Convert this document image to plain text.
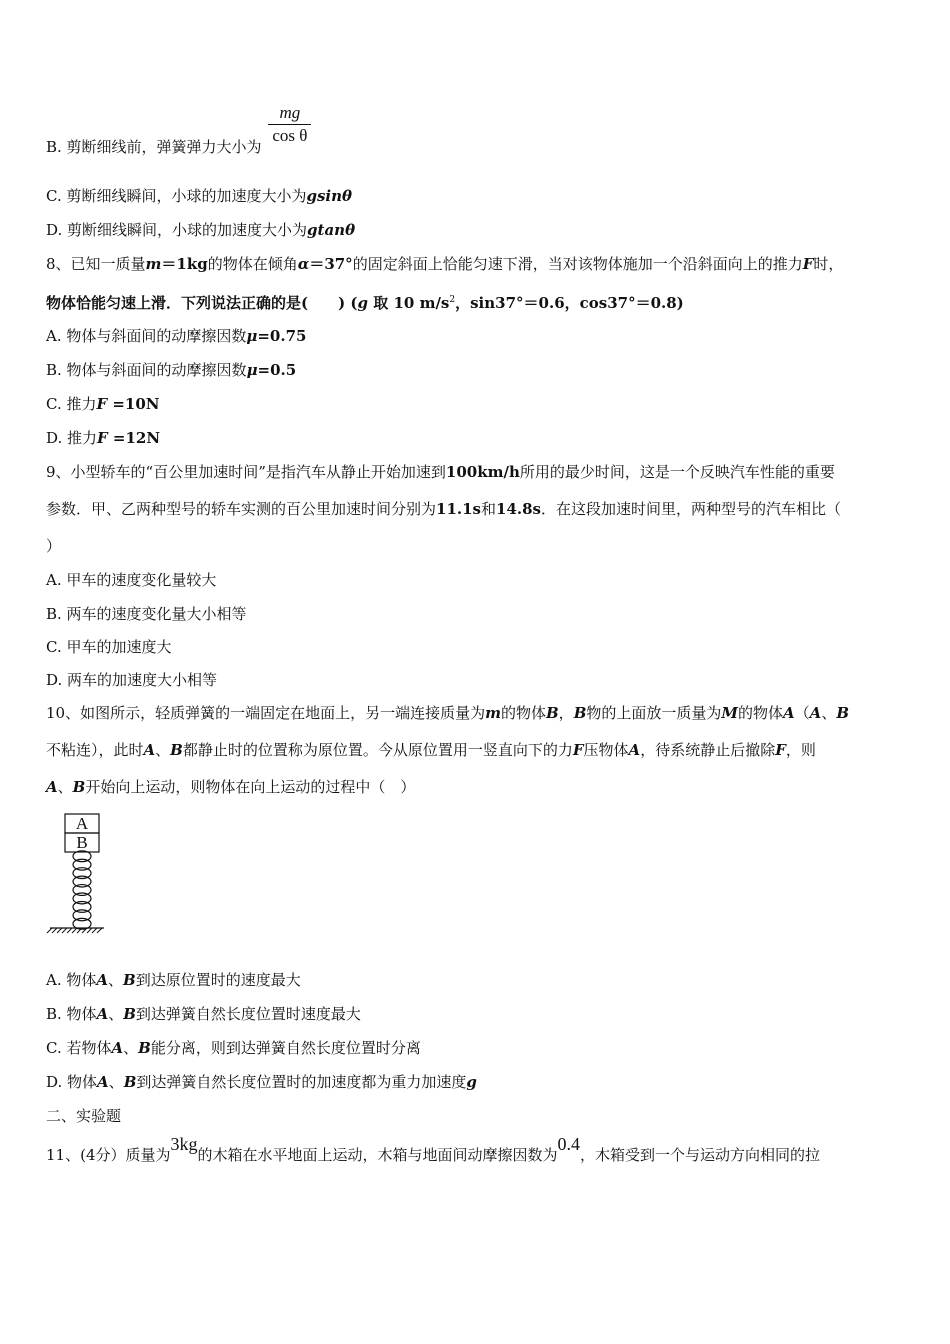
B. 剪断细线前，弹簧弹力大小为 $\frac{mg}{\text{cos θ}}$
C. 剪断细线瞬间，小球的加速度大小为gsinθ
D. 剪断细线瞬间，小球的加速度大小为gtanθ
8、已知一质量m＝1kg的物体在倾角α＝37°的固定斜面上恰能匀速下滑，当对该物体施加一个沿斜面向上的推力F时，
物体恰能匀速上滑．下列说法正确的是(　　) (g 取 10 $m/s^2$，sin37°＝0.6，cos37°＝0.8)
A. 物体与斜面间的动摩擦因数μ=0.75
B. 物体与斜面间的动摩擦因数μ=0.5
C. 推力F =10N
D. 推力F =12N
9、小型轿车的“百公里加速时间”是指汽车从静止开始加速到100km/h所用的最少时间，这是一个反映汽车性能的重要
参数．甲、乙两种型号的轿车实测的百公里加速时间分别为11.1s和14.8s．在这段加速时间里，两种型号的汽车相比（
）
A. 甲车的速度变化量较大
B. 两车的速度变化量大小相等
C. 甲车的加速度大
D. 两车的加速度大小相等
10、如图所示，轻质弹簧的一端固定在地面上，另一端连接质量为m的物体B，B物的上面放一质量为M的物体A（A、B
不粘连），此时A、B都静止时的位置称为原位置。今从原位置用一竖直向下的力F压物体A，待系统静止后撤除F，则
A、B开始向上运动，则物体在向上运动的过程中（　）
A
B
A. 物体A、B到达原位置时的速度最大
B. 物体A、B到达弹簧自然长度位置时速度最大
C. 若物体A、B能分离，则到达弹簧自然长度位置时分离
D. 物体A、B到达弹簧自然长度位置时的加速度都为重力加速度g
二、实验题
11、(4分）质量为3kg的木箱在水平地面上运动，木箱与地面间动摩擦因数为0.4，木箱受到一个与运动方向相同的拉
